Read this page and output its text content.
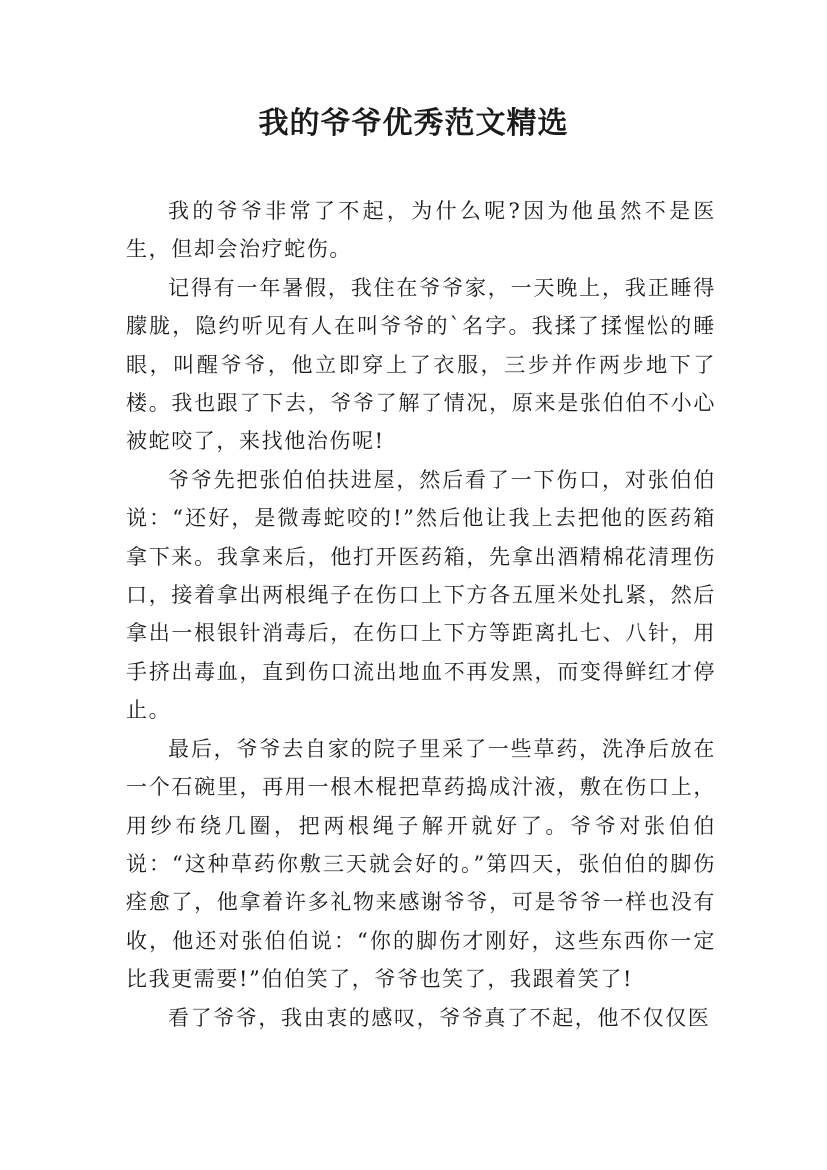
我的爷爷优秀范文精选

我的爷爷非常了不起，为什么呢?因为他虽然不是医生，但却会治疗蛇伤。

记得有一年暑假，我住在爷爷家，一天晚上，我正睡得朦胧，隐约听见有人在叫爷爷的`名字。我揉了揉惺忪的睡眼，叫醒爷爷，他立即穿上了衣服，三步并作两步地下了楼。我也跟了下去，爷爷了解了情况，原来是张伯伯不小心被蛇咬了，来找他治伤呢!

爷爷先把张伯伯扶进屋，然后看了一下伤口，对张伯伯说：“还好，是微毒蛇咬的!”然后他让我上去把他的医药箱拿下来。我拿来后，他打开医药箱，先拿出酒精棉花清理伤口，接着拿出两根绳子在伤口上下方各五厘米处扎紧，然后拿出一根银针消毒后，在伤口上下方等距离扎七、八针，用手挤出毒血，直到伤口流出地血不再发黑，而变得鲜红才停止。

最后，爷爷去自家的院子里采了一些草药，洗净后放在一个石碗里，再用一根木棍把草药捣成汁液，敷在伤口上，用纱布绕几圈，把两根绳子解开就好了。爷爷对张伯伯说：“这种草药你敷三天就会好的。”第四天，张伯伯的脚伤痊愈了，他拿着许多礼物来感谢爷爷，可是爷爷一样也没有收，他还对张伯伯说：“你的脚伤才刚好，这些东西你一定比我更需要!”伯伯笑了，爷爷也笑了，我跟着笑了!

看了爷爷，我由衷的感叹，爷爷真了不起，他不仅仅医
